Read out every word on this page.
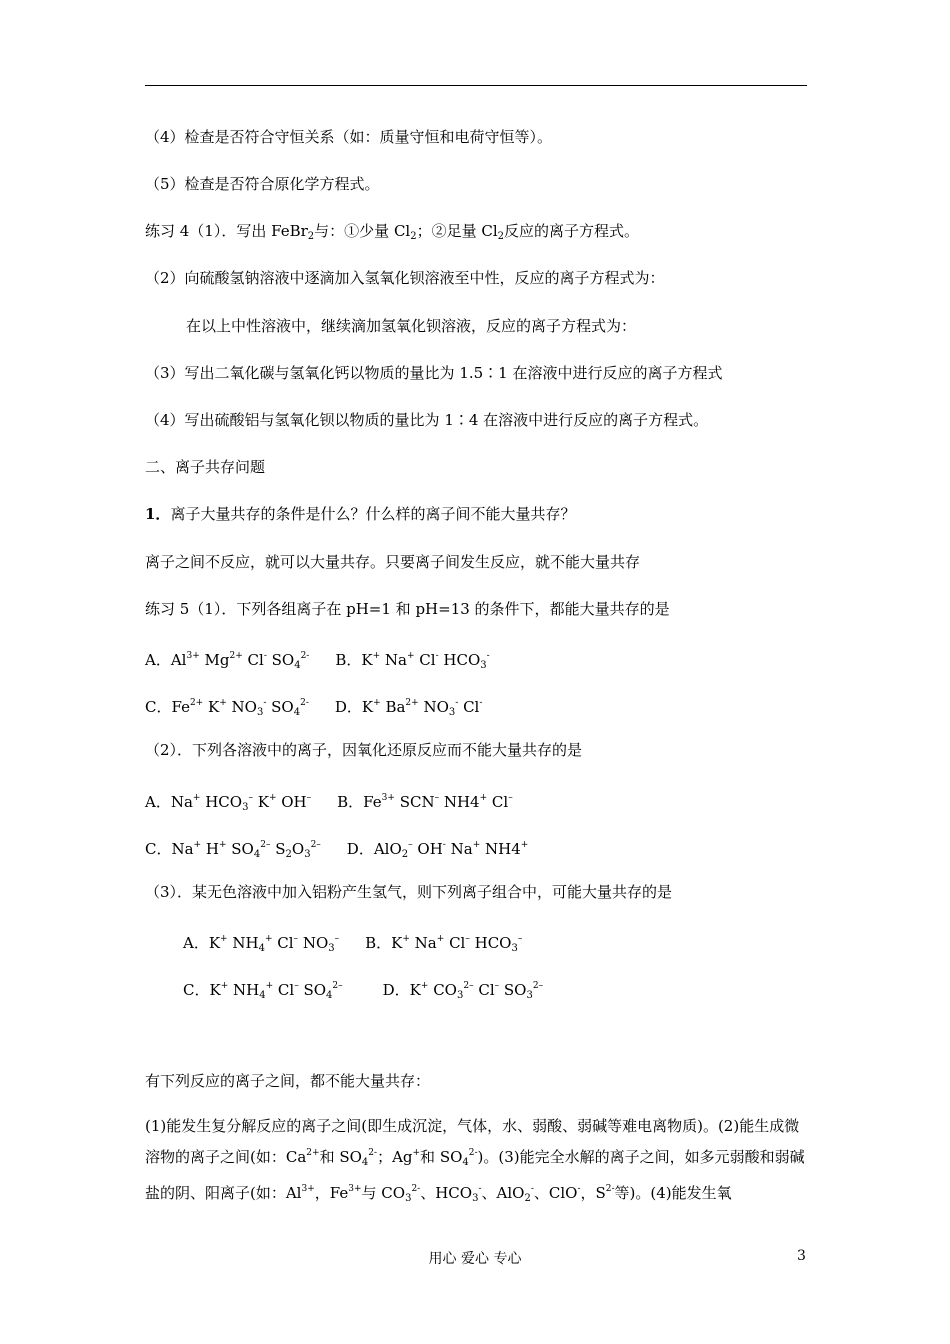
（4）检查是否符合守恒关系（如：质量守恒和电荷守恒等）。
（5）检查是否符合原化学方程式。
练习 4（1）．写出 FeBr$_2$与：①少量 $Cl_2$；②足量 $Cl_2$反应的离子方程式。
（2）向硫酸氢钠溶液中逐滴加入氢氧化钡溶液至中性，反应的离子方程式为：
在以上中性溶液中，继续滴加氢氧化钡溶液，反应的离子方程式为：
（3）写出二氧化碳与氢氧化钙以物质的量比为 1.5∶1 在溶液中进行反应的离子方程式
（4）写出硫酸铝与氢氧化钡以物质的量比为 1∶4 在溶液中进行反应的离子方程式。
二、离子共存问题
1．离子大量共存的条件是什么？什么样的离子间不能大量共存？
离子之间不反应，就可以大量共存。只要离子间发生反应，就不能大量共存
练习 5（1）．下列各组离子在 pH=1 和 pH=13 的条件下，都能大量共存的是
A．$Al^{3+}$ $Mg^{2+}$ Cl- $SO_4^{2-}$ B．K+ Na+ Cl- $HCO_3^-$
C．$Fe^{2+}$ K+ $NO_3^-$ $SO_4^{2-}$ D．K+ $Ba^{2+}$ $NO_3^-$ Cl-
（2）．下列各溶液中的离子，因氧化还原反应而不能大量共存的是
A．Na+ $HCO_3^-$ K+ OH– B．$Fe^{3+}$ SCN– NH4+ Cl–
C．Na+ H+ $SO_4^{2-}$ $S_2O_3^{2-}$ D．AlO$_2$– OH- Na+ NH4+
（3）．某无色溶液中加入铝粉产生氢气，则下列离子组合中，可能大量共存的是
A．K+ $NH_4^+$ Cl– $NO_3^-$ B．K+ Na+ Cl– $HCO_3^-$
C．K+ $NH_4^+$ Cl– $SO_4^{2-}$	D．K+ $CO_3^{2-}$ Cl– $SO_3^{2-}$
有下列反应的离子之间，都不能大量共存：
(1)能发生复分解反应的离子之间(即生成沉淀，气体，水、弱酸、弱碱等难电离物质)。(2)能生成微溶物的离子之间(如：$Ca^{2+}$和 $SO_4^{2-}$；Ag+和 $SO_4^{2-}$)。(3)能完全水解的离子之间，如多元弱酸和弱碱盐的阴、阳离子(如：$Al^{3+}$，$Fe^{3+}$与 $CO_3^{2-}$、$HCO_3^-$、AlO$_2$-、ClO-，$S^{2-}$等)。(4)能发生氧
用心 爱心 专心	3
